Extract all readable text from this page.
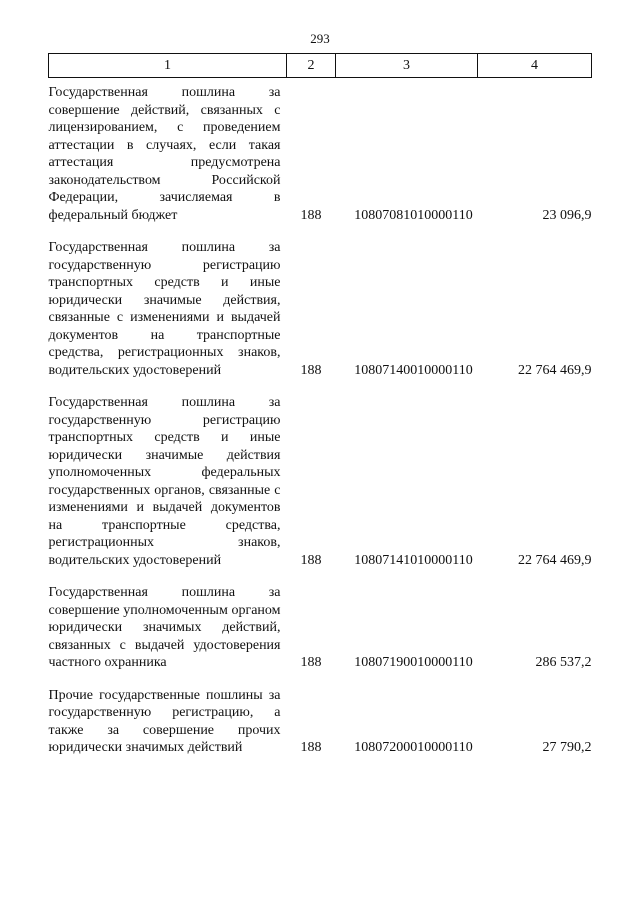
293
1	2	3	4
Государственная пошлина за совершение действий, связанных с лицензированием, с проведением аттестации в случаях, если такая аттестация предусмотрена законодательством Российской Федерации, зачисляемая в федеральный бюджет	188	10807081010000110	23 096,9
Государственная пошлина за государственную регистрацию транспортных средств и иные юридически значимые действия, связанные с изменениями и выдачей документов на транспортные средства, регистрационных знаков, водительских удостоверений	188	10807140010000110	22 764 469,9
Государственная пошлина за государственную регистрацию транспортных средств и иные юридически значимые действия уполномоченных федеральных государственных органов, связанные с изменениями и выдачей документов на транспортные средства, регистрационных знаков, водительских удостоверений	188	10807141010000110	22 764 469,9
Государственная пошлина за совершение уполномоченным органом юридически значимых действий, связанных с выдачей удостоверения частного охранника	188	10807190010000110	286 537,2
Прочие государственные пошлины за государственную регистрацию, а также за совершение прочих юридически значимых действий	188	10807200010000110	27 790,2
